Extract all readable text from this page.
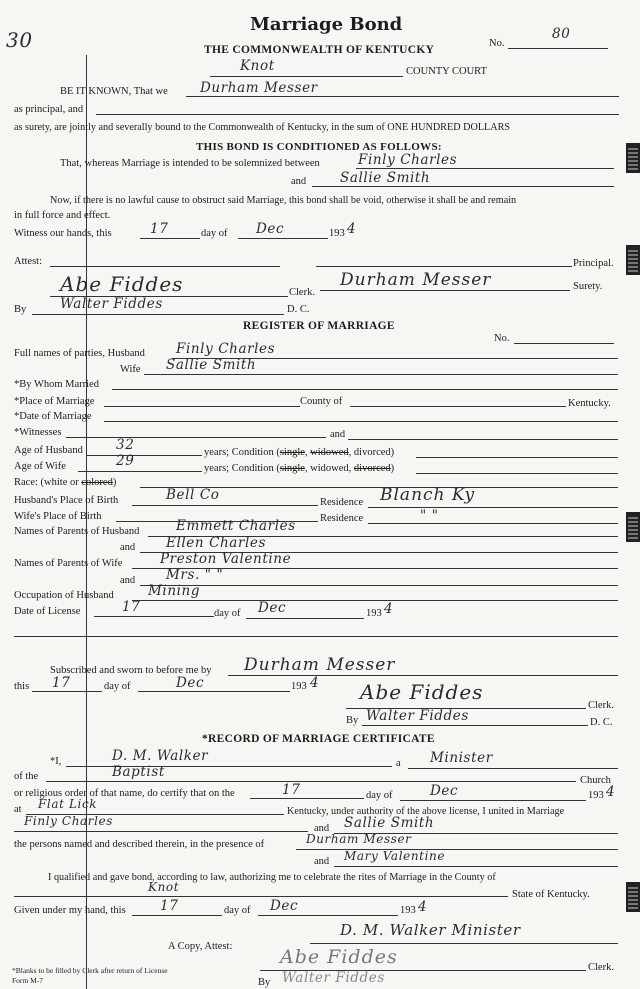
30
Marriage Bond
THE COMMONWEALTH OF KENTUCKY
No.
80
Knot	COUNTY COURT
BE IT KNOWN, That we Durham Messer
as principal, and
as surety, are jointly and severally bound to the Commonwealth of Kentucky, in the sum of ONE HUNDRED DOLLARS
THIS BOND IS CONDITIONED AS FOLLOWS:
That, whereas Marriage is intended to be solemnized between	Finly Charles
and	Sallie Smith
Now, if there is no lawful cause to obstruct said Marriage, this bond shall be void, otherwise it shall be and remain
in full force and effect.
Witness our hands, this	17	day of Dec	193 4
Attest:	Principal.
Abe Fiddes	Clerk.
Durham Messer	Surety.
By Walter Fiddes	D. C.
REGISTER OF MARRIAGE
No.
Full names of parties, Husband Finly Charles
Wife Sallie Smith
*By Whom Married
*Place of Marriage	County of	Kentucky.
*Date of Marriage
*Witnesses	and
Age of Husband 32	years; Condition (single, widowed, divorced)
Age of Wife	29	years; Condition (single, widowed, divorced)
Race: (white or colored)
Husband's Place of Birth	Bell Co	Residence Blanch Ky
Wife's Place of Birth	Residence	" "
Names of Parents of Husband	Emmett Charles
and Ellen Charles
Names of Parents of Wife	Preston Valentine
and Mrs. " "
Occupation of Husband	Mining
Date of License	17	day of Dec	193 4
Subscribed and sworn to before me by Durham Messer
this 17	day of	Dec	193 4 Abe Fiddes
Clerk.
By Walter Fiddes	D. C.
*RECORD OF MARRIAGE CERTIFICATE
*I,	D. M. Walker	a Minister
of the	Baptist
Church
or religious order of that name, do certify that on the	17	day of	Dec	193 4
at Flat Lick
Kentucky, under authority of the above license, I united in Marriage
Finly Charles
and Sallie Smith
the persons named and described therein, in the presence of	Durham Messer
and Mary Valentine
I qualified and gave bond, according to law, authorizing me to celebrate the rites of Marriage in the County of
Knot
State of Kentucky.
Given under my hand, this	17	day of Dec	193 4
D. M. Walker Minister
A Copy, Attest:	Abe Fiddes	Clerk.
By Walter Fiddes
*Blanks to be filled by Clerk after return of License
Form M-7
